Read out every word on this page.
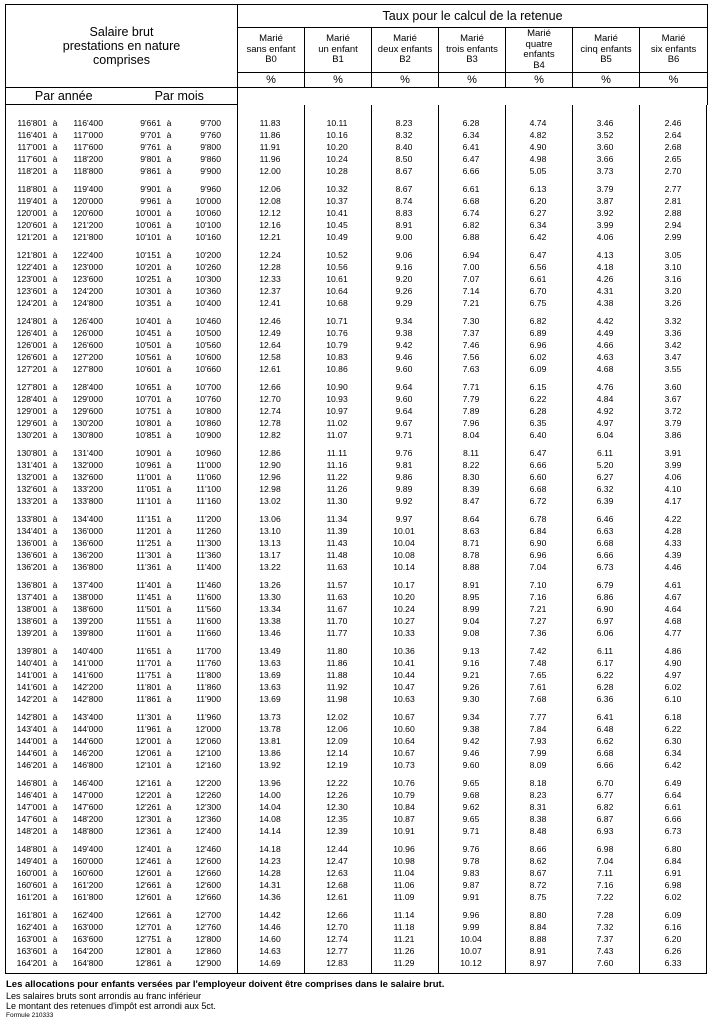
Salaire brut
prestations en nature
comprises	Taux pour le calcul de la retenue						
	Marié
sans enfant
B0	Marié
un enfant
B1	Marié
deux enfants
B2	Marié
trois enfants
B3	Marié
quatre
enfants
B4	Marié
cinq enfants
B5	Marié
six enfants
B6
	%	%	%	%	%	%	%
Par année	Par mois	
116'801 à	116'400	9'661 à	9'700	11.83	10.11	8.23	6.28	4.74	3.46	2.46
116'401 à	117'000	9'701 à	9'760	11.86	10.16	8.32	6.34	4.82	3.52	2.64
117'001 à	117'600	9'761 à	9'800	11.91	10.20	8.40	6.41	4.90	3.60	2.68
117'601 à	118'200	9'801 à	9'860	11.96	10.24	8.50	6.47	4.98	3.66	2.65
118'201 à	118'800	9'861 à	9'900	12.00	10.28	8.67	6.66	5.05	3.73	2.70
118'801 à	119'400	9'901 à	9'960	12.06	10.32	8.67	6.61	6.13	3.79	2.77
119'401 à	120'000	9'961 à	10'000	12.08	10.37	8.74	6.68	6.20	3.87	2.81
120'001 à	120'600	10'001 à	10'060	12.12	10.41	8.83	6.74	6.27	3.92	2.88
120'601 à	121'200	10'061 à	10'100	12.16	10.45	8.91	6.82	6.34	3.99	2.94
121'201 à	121'800	10'101 à	10'160	12.21	10.49	9.00	6.88	6.42	4.06	2.99
121'801 à	122'400	10'151 à	10'200	12.24	10.52	9.06	6.94	6.47	4.13	3.05
122'401 à	123'000	10'201 à	10'260	12.28	10.56	9.16	7.00	6.56	4.18	3.10
123'001 à	123'600	10'251 à	10'300	12.33	10.61	9.20	7.07	6.61	4.26	3.16
123'601 à	124'200	10'301 à	10'360	12.37	10.64	9.26	7.14	6.70	4.31	3.20
124'201 à	124'800	10'351 à	10'400	12.41	10.68	9.29	7.21	6.75	4.38	3.26
124'801 à	126'400	10'401 à	10'460	12.46	10.71	9.34	7.30	6.82	4.42	3.32
126'401 à	126'000	10'451 à	10'500	12.49	10.76	9.38	7.37	6.89	4.49	3.36
126'001 à	126'600	10'501 à	10'560	12.64	10.79	9.42	7.46	6.96	4.66	3.42
126'601 à	127'200	10'561 à	10'600	12.58	10.83	9.46	7.56	6.02	4.63	3.47
127'201 à	127'800	10'601 à	10'660	12.61	10.86	9.60	7.63	6.09	4.68	3.55
127'801 à	128'400	10'651 à	10'700	12.66	10.90	9.64	7.71	6.15	4.76	3.60
128'401 à	129'000	10'701 à	10'760	12.70	10.93	9.60	7.79	6.22	4.84	3.67
129'001 à	129'600	10'751 à	10'800	12.74	10.97	9.64	7.89	6.28	4.92	3.72
129'601 à	130'200	10'801 à	10'860	12.78	11.02	9.67	7.96	6.35	4.97	3.79
130'201 à	130'800	10'851 à	10'900	12.82	11.07	9.71	8.04	6.40	6.04	3.86
130'801 à	131'400	10'901 à	10'960	12.86	11.11	9.76	8.11	6.47	6.11	3.91
131'401 à	132'000	10'961 à	11'000	12.90	11.16	9.81	8.22	6.66	5.20	3.99
132'001 à	132'600	11'001 à	11'060	12.96	11.22	9.86	8.30	6.60	6.27	4.06
132'601 à	133'200	11'051 à	11'100	12.98	11.26	9.89	8.39	6.68	6.32	4.10
133'201 à	133'800	11'101 à	11'160	13.02	11.30	9.92	8.47	6.72	6.39	4.17
133'801 à	134'400	11'151 à	11'200	13.06	11.34	9.97	8.64	6.78	6.46	4.22
134'401 à	136'000	11'201 à	11'260	13.10	11.39	10.01	8.63	6.84	6.63	4.28
136'001 à	136'600	11'251 à	11'300	13.13	11.43	10.04	8.71	6.90	6.68	4.33
136'601 à	136'200	11'301 à	11'360	13.17	11.48	10.08	8.78	6.96	6.66	4.39
136'201 à	136'800	11'361 à	11'400	13.22	11.63	10.14	8.88	7.04	6.73	4.46
136'801 à	137'400	11'401 à	11'460	13.26	11.57	10.17	8.91	7.10	6.79	4.61
137'401 à	138'000	11'451 à	11'600	13.30	11.63	10.20	8.95	7.16	6.86	4.67
138'001 à	138'600	11'501 à	11'560	13.34	11.67	10.24	8.99	7.21	6.90	4.64
138'601 à	139'200	11'551 à	11'600	13.38	11.70	10.27	9.04	7.27	6.97	4.68
139'201 à	139'800	11'601 à	11'660	13.46	11.77	10.33	9.08	7.36	6.06	4.77
139'801 à	140'400	11'651 à	11'700	13.49	11.80	10.36	9.13	7.42	6.11	4.86
140'401 à	141'000	11'701 à	11'760	13.63	11.86	10.41	9.16	7.48	6.17	4.90
141'001 à	141'600	11'751 à	11'800	13.69	11.88	10.44	9.21	7.65	6.22	4.97
141'601 à	142'200	11'801 à	11'860	13.63	11.92	10.47	9.26	7.61	6.28	6.02
142'201 à	142'800	11'861 à	11'900	13.69	11.98	10.63	9.30	7.68	6.36	6.10
142'801 à	143'400	11'301 à	11'960	13.73	12.02	10.67	9.34	7.77	6.41	6.18
143'401 à	144'000	11'961 à	12'000	13.78	12.06	10.60	9.38	7.84	6.48	6.22
144'001 à	144'600	12'001 à	12'060	13.81	12.09	10.64	9.42	7.93	6.62	6.30
144'601 à	146'200	12'061 à	12'100	13.86	12.14	10.67	9.46	7.99	6.68	6.34
146'201 à	146'800	12'101 à	12'160	13.92	12.19	10.73	9.60	8.09	6.66	6.42
146'801 à	146'400	12'161 à	12'200	13.96	12.22	10.76	9.65	8.18	6.70	6.49
146'401 à	147'000	12'201 à	12'260	14.00	12.26	10.79	9.68	8.23	6.77	6.64
147'001 à	147'600	12'261 à	12'300	14.04	12.30	10.84	9.62	8.31	6.82	6.61
147'601 à	148'200	12'301 à	12'360	14.08	12.35	10.87	9.65	8.38	6.87	6.66
148'201 à	148'800	12'361 à	12'400	14.14	12.39	10.91	9.71	8.48	6.93	6.73
148'801 à	149'400	12'401 à	12'460	14.18	12.44	10.96	9.76	8.66	6.98	6.80
149'401 à	160'000	12'461 à	12'600	14.23	12.47	10.98	9.78	8.62	7.04	6.84
160'001 à	160'600	12'601 à	12'660	14.28	12.63	11.04	9.83	8.67	7.11	6.91
160'601 à	161'200	12'661 à	12'600	14.31	12.68	11.06	9.87	8.72	7.16	6.98
161'201 à	161'800	12'601 à	12'660	14.36	12.61	11.09	9.91	8.75	7.22	6.02
161'801 à	162'400	12'661 à	12'700	14.42	12.66	11.14	9.96	8.80	7.28	6.09
162'401 à	163'000	12'701 à	12'760	14.46	12.70	11.18	9.99	8.84	7.32	6.16
163'001 à	163'600	12'751 à	12'800	14.60	12.74	11.21	10.04	8.88	7.37	6.20
163'601 à	164'200	12'801 à	12'860	14.63	12.77	11.26	10.07	8.91	7.43	6.26
164'201 à	164'800	12'861 à	12'900	14.69	12.83	11.29	10.12	8.97	7.60	6.33
Les allocations pour enfants versées par l'employeur doivent être comprises dans le salaire brut.
Les salaires bruts sont arrondis au franc inférieur
Le montant des retenues d'impôt est arrondi aux 5ct.
Formule 210333
